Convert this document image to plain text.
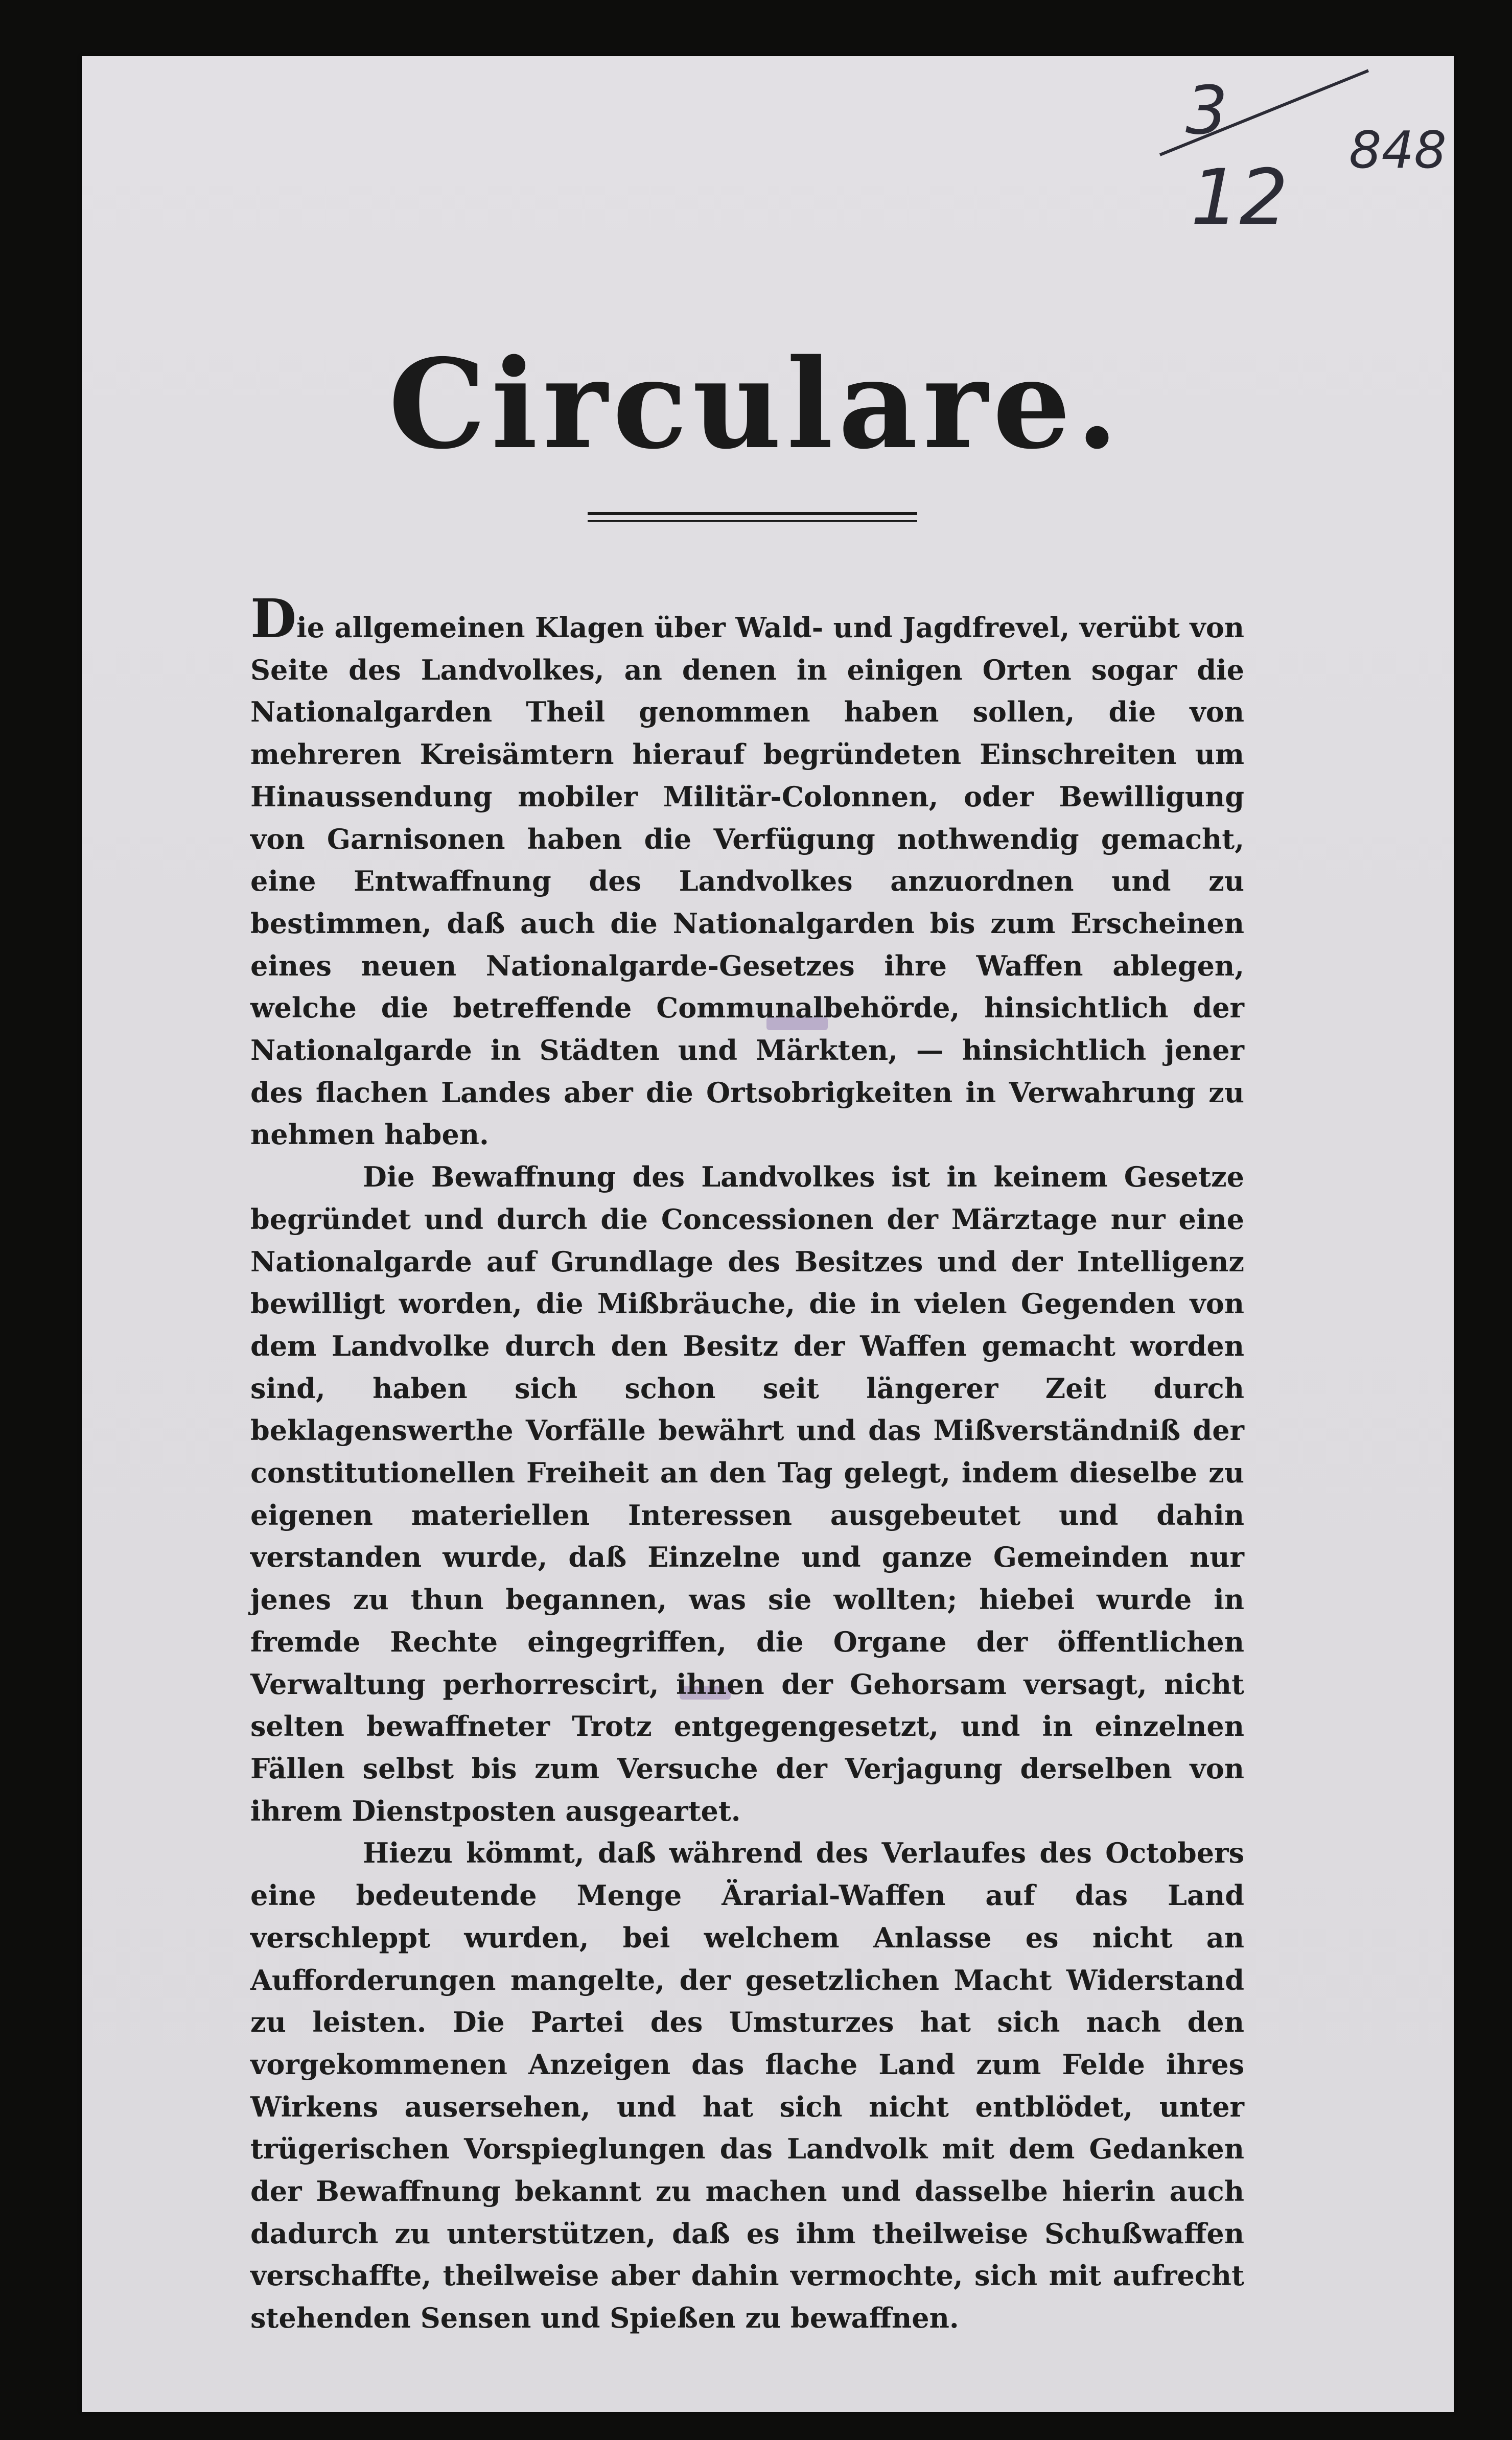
3
12
848
Circulare.

Die allgemeinen Klagen über Wald- und Jagdfrevel, verübt von Seite des Landvolkes, an denen in einigen Orten sogar die Nationalgarden Theil genommen haben sollen, die von mehreren Kreisämtern hierauf begründeten Einschreiten um Hinaussendung mobiler Militär-Colonnen, oder Bewilligung von Garnisonen haben die Verfügung nothwendig gemacht, eine Entwaffnung des Landvolkes anzuordnen und zu bestimmen, daß auch die Nationalgarden bis zum Erscheinen eines neuen Nationalgarde-Gesetzes ihre Waffen ablegen, welche die betreffende Communalbehörde, hinsichtlich der Nationalgarde in Städten und Märkten, — hinsichtlich jener des flachen Landes aber die Ortsobrigkeiten in Verwahrung zu nehmen haben.

Die Bewaffnung des Landvolkes ist in keinem Gesetze begründet und durch die Concessionen der Märztage nur eine Nationalgarde auf Grundlage des Besitzes und der Intelligenz bewilligt worden, die Mißbräuche, die in vielen Gegenden von dem Landvolke durch den Besitz der Waffen gemacht worden sind, haben sich schon seit längerer Zeit durch beklagenswerthe Vorfälle bewährt und das Mißverständniß der constitutionellen Freiheit an den Tag gelegt, indem dieselbe zu eigenen materiellen Interessen ausgebeutet und dahin verstanden wurde, daß Einzelne und ganze Gemeinden nur jenes zu thun begannen, was sie wollten; hiebei wurde in fremde Rechte eingegriffen, die Organe der öffentlichen Verwaltung perhorrescirt, ihnen der Gehorsam versagt, nicht selten bewaffneter Trotz entgegengesetzt, und in einzelnen Fällen selbst bis zum Versuche der Verjagung derselben von ihrem Dienstposten ausgeartet.

Hiezu kömmt, daß während des Verlaufes des Octobers eine bedeutende Menge Ärarial-Waffen auf das Land verschleppt wurden, bei welchem Anlasse es nicht an Aufforderungen mangelte, der gesetzlichen Macht Widerstand zu leisten. Die Partei des Umsturzes hat sich nach den vorgekommenen Anzeigen das flache Land zum Felde ihres Wirkens ausersehen, und hat sich nicht entblödet, unter trügerischen Vorspieglungen das Landvolk mit dem Gedanken der Bewaffnung bekannt zu machen und dasselbe hierin auch dadurch zu unterstützen, daß es ihm theilweise Schußwaffen verschaffte, theilweise aber dahin vermochte, sich mit aufrecht stehenden Sensen und Spießen zu bewaffnen.
